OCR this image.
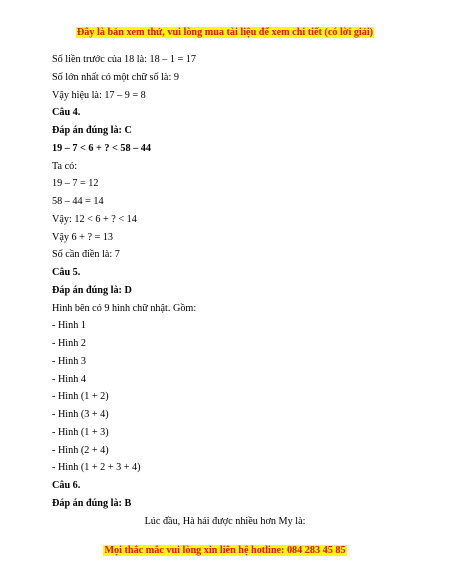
Đây là bản xem thử, vui lòng mua tài liệu để xem chi tiết (có lời giải)
Số liền trước của 18 là: 18 – 1 = 17
Số lớn nhất có một chữ số là: 9
Vậy hiệu là: 17 – 9 = 8
Câu 4.
Đáp án đúng là: C
19 – 7 < 6 + ? < 58 – 44
Ta có:
19 – 7 = 12
58 – 44 = 14
Vậy: 12 < 6 + ? < 14
Vậy 6 + ? = 13
Số cần điền là: 7
Câu 5.
Đáp án đúng là: D
Hình bên có 9 hình chữ nhật. Gồm:
- Hình 1
- Hình 2
- Hình 3
- Hình 4
- Hình (1 + 2)
- Hình (3 + 4)
- Hình (1 + 3)
- Hình (2 + 4)
- Hình (1 + 2 + 3 + 4)
Câu 6.
Đáp án đúng là: B
Lúc đầu, Hà hái được nhiều hơn My là:
Mọi thắc mắc vui lòng xin liên hệ hotline: 084 283 45 85
